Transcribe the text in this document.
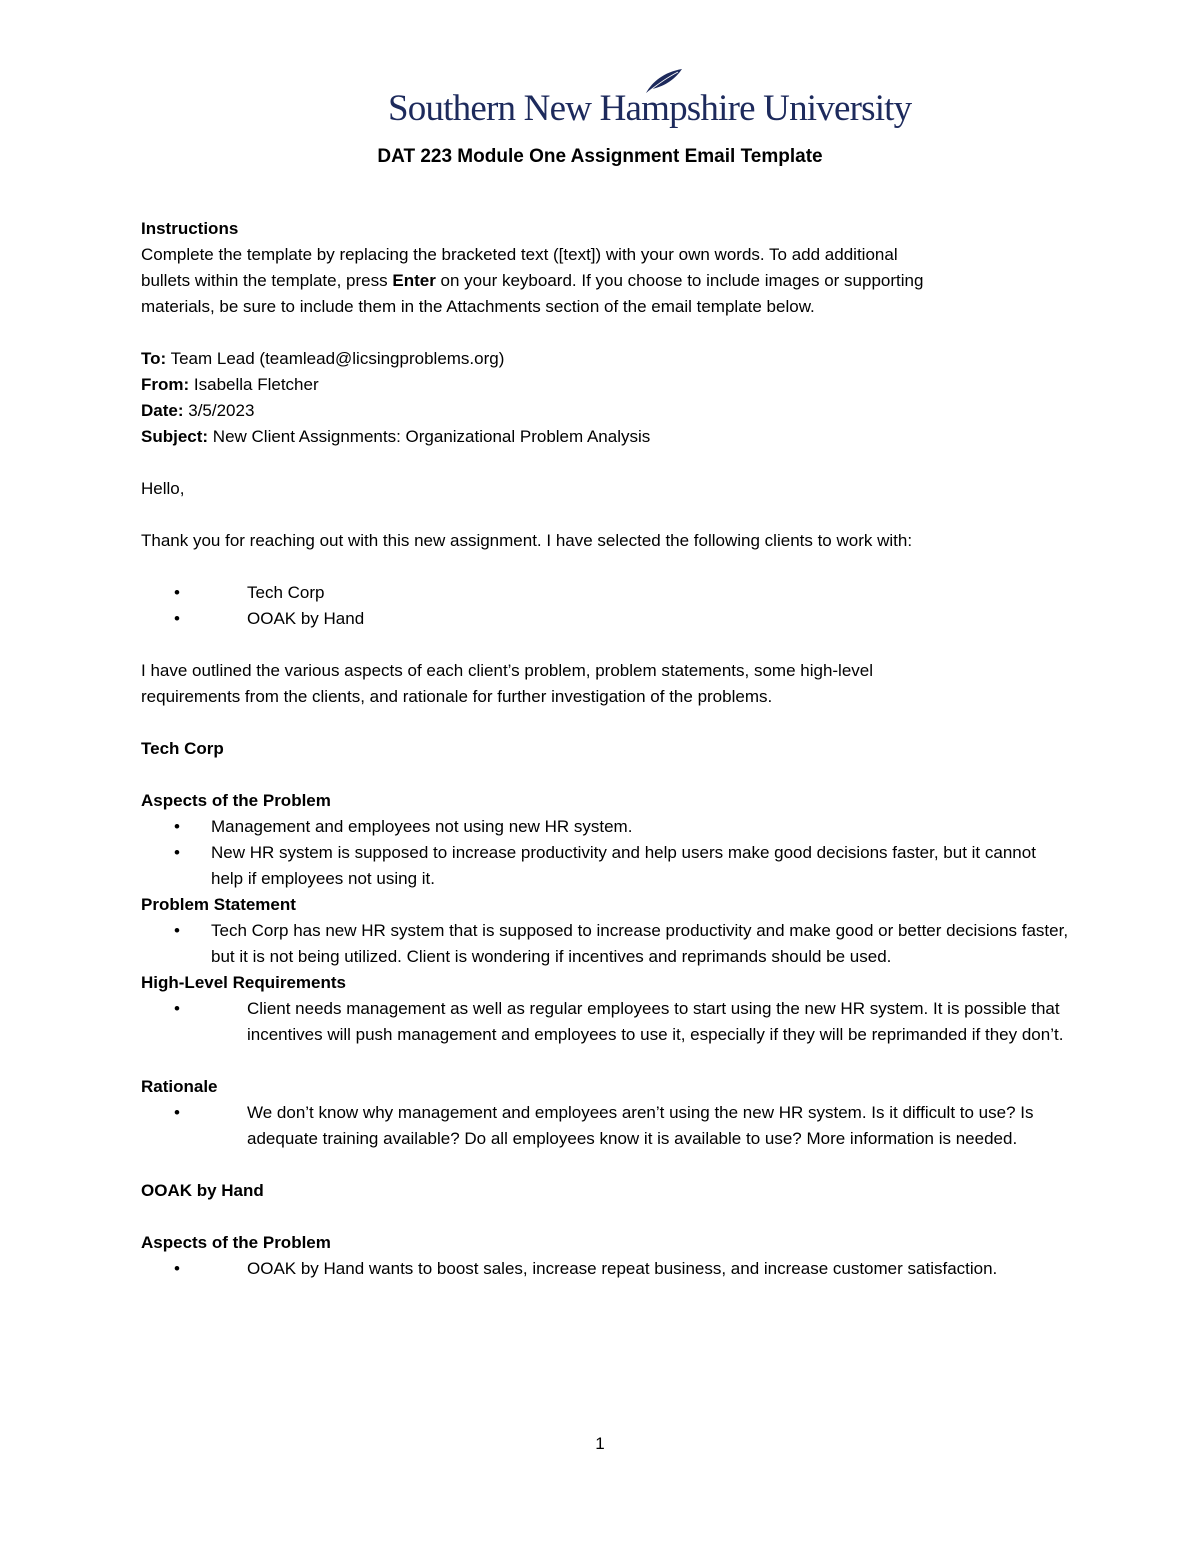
Southern New Hampshire University
DAT 223 Module One Assignment Email Template

Instructions

Complete the template by replacing the bracketed text ([text]) with your own words. To add additional

bullets within the template, press Enter on your keyboard. If you choose to include images or supporting

materials, be sure to include them in the Attachments section of the email template below.

To: Team Lead (teamlead@licsingproblems.org)

From: Isabella Fletcher

Date: 3/5/2023

Subject: New Client Assignments: Organizational Problem Analysis

Hello,

Thank you for reaching out with this new assignment. I have selected the following clients to work with:

•	Tech Corp
•	OOAK by Hand

I have outlined the various aspects of each client’s problem, problem statements, some high-level

requirements from the clients, and rationale for further investigation of the problems.

Tech Corp

Aspects of the Problem

• Management and employees not using new HR system.
• New HR system is supposed to increase productivity and help users make good decisions faster, but it cannot help if employees not using it.

Problem Statement

• Tech Corp has new HR system that is supposed to increase productivity and make good or better decisions faster, but it is not being utilized. Client is wondering if incentives and reprimands should be used.

High-Level Requirements

•	Client needs management as well as regular employees to start using the new HR system. It is possible that incentives will push management and employees to use it, especially if they will be reprimanded if they don’t.

Rationale

•	We don’t know why management and employees aren’t using the new HR system. Is it difficult to use? Is adequate training available? Do all employees know it is available to use? More information is needed.

OOAK by Hand

Aspects of the Problem

•	OOAK by Hand wants to boost sales, increase repeat business, and increase customer satisfaction.
1
